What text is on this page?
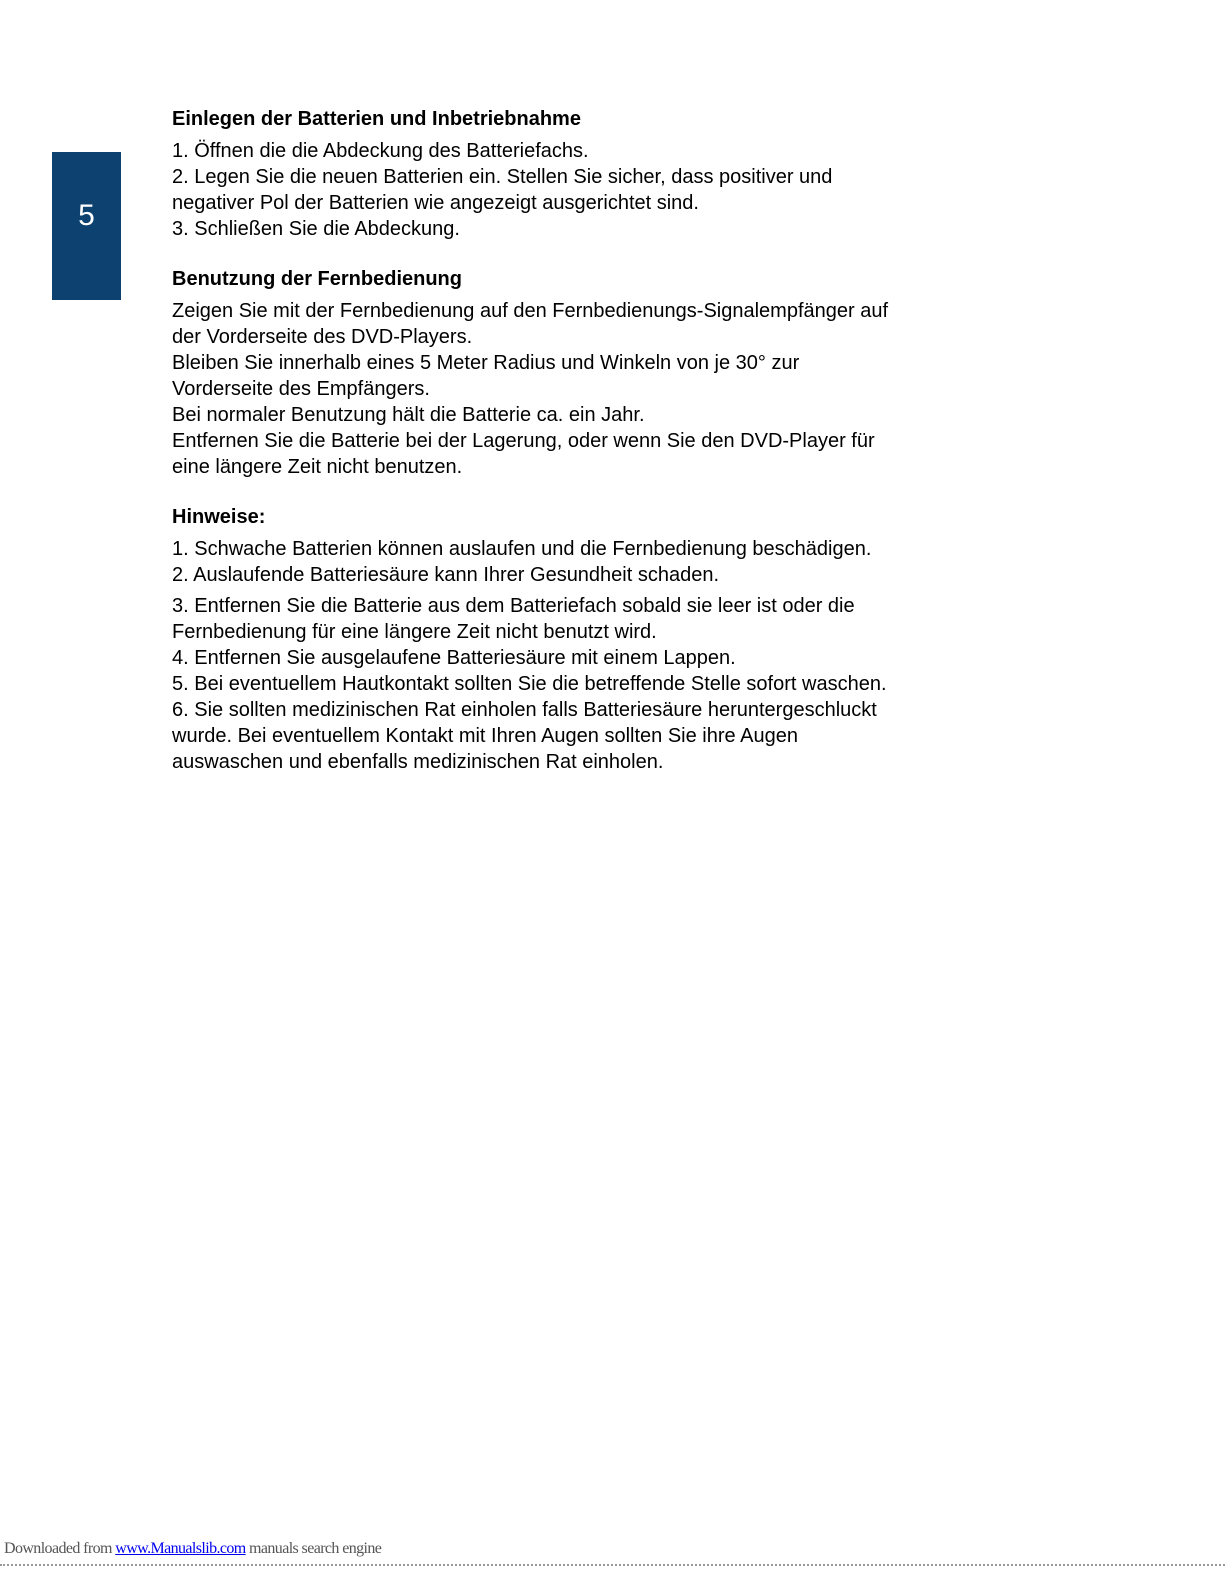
5
Einlegen der Batterien und Inbetriebnahme

1. Öffnen die die Abdeckung des Batteriefachs.

2. Legen Sie die neuen Batterien ein. Stellen Sie sicher, dass positiver und

negativer Pol der Batterien wie angezeigt ausgerichtet sind.

3. Schließen Sie die Abdeckung.

Benutzung der Fernbedienung

Zeigen Sie mit der Fernbedienung auf den Fernbedienungs-Signalempfänger auf

der Vorderseite des DVD-Players.

Bleiben Sie innerhalb eines 5 Meter Radius und Winkeln von je 30° zur

Vorderseite des Empfängers.

Bei normaler Benutzung hält die Batterie ca. ein Jahr.

Entfernen Sie die Batterie bei der Lagerung, oder wenn Sie den DVD-Player für

eine längere Zeit nicht benutzen.

Hinweise:

1. Schwache Batterien können auslaufen und die Fernbedienung beschädigen.

2. Auslaufende Batteriesäure kann Ihrer Gesundheit schaden.

3. Entfernen Sie die Batterie aus dem Batteriefach sobald sie leer ist oder die

Fernbedienung für eine längere Zeit nicht benutzt wird.

4. Entfernen Sie ausgelaufene Batteriesäure mit einem Lappen.

5. Bei eventuellem Hautkontakt sollten Sie die betreffende Stelle sofort waschen.

6. Sie sollten medizinischen Rat einholen falls Batteriesäure heruntergeschluckt

wurde. Bei eventuellem Kontakt mit Ihren Augen sollten Sie ihre Augen

auswaschen und ebenfalls medizinischen Rat einholen.

Downloaded from www.Manualslib.com manuals search engine
